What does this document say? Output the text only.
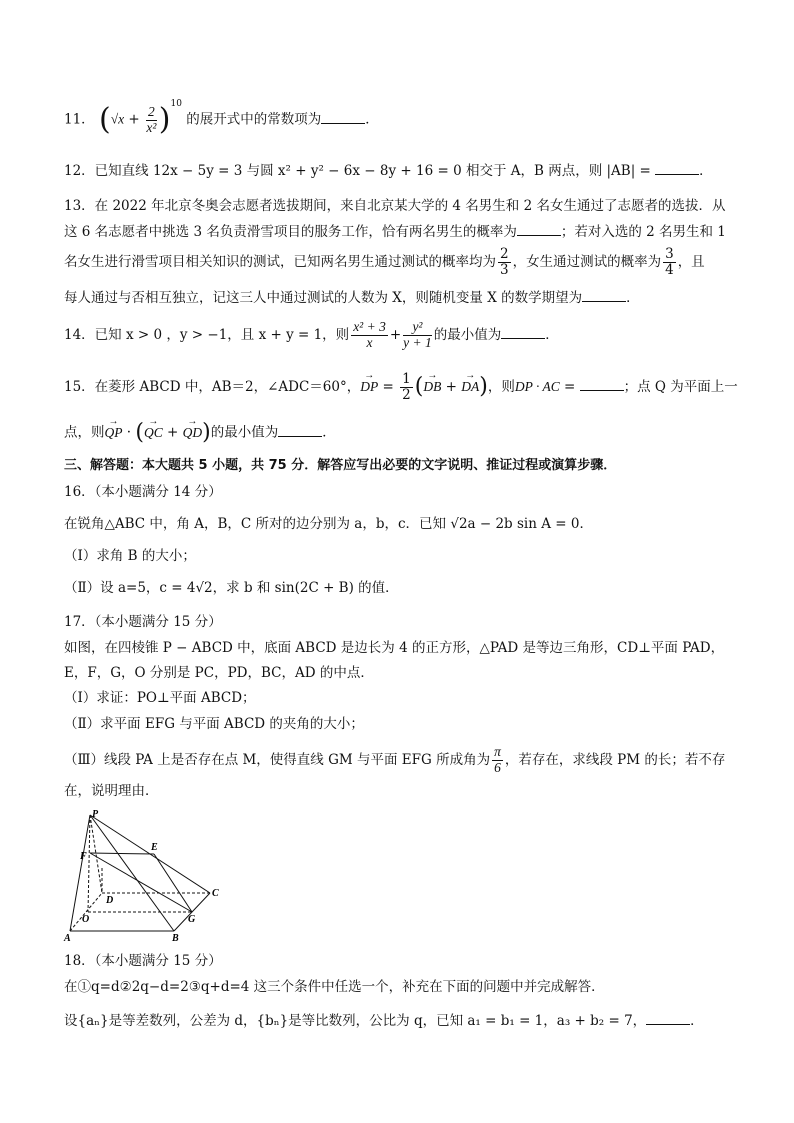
11． $(√x + \frac{2}{\text{x²}} )^{10}$ 的展开式中的常数项为	．
12．已知直线 12x − 5y = 3 与圆 x² + y² − 6x − 8y + 16 = 0 相交于 A，B 两点，则 |AB| =	．
13．在 2022 年北京冬奥会志愿者选拔期间，来自北京某大学的 4 名男生和 2 名女生通过了志愿者的选拔．从
这 6 名志愿者中挑选 3 名负责滑雪项目的服务工作，恰有两名男生的概率为	；若对入选的 2 名男生和 1
名女生进行滑雪项目相关知识的测试，已知两名男生通过测试的概率均为 $\frac{2}{3}$ ，女生通过测试的概率为 $\frac{3}{4}$ ，且
每人通过与否相互独立，记这三人中通过测试的人数为 X，则随机变量 X 的数学期望为	．
14．已知 x > 0 ，y > −1，且 x + y = 1，则 $\frac{\text{x² + 3}}{x} + \frac{\text{y²}}{y + 1}$ 的最小值为	．
15．在菱形 ABCD 中，AB＝2，∠ADC＝60°，→ DP = $\frac{1}{2}$ (→ DB + → DA)，则DP · AC =	；点 Q 为平面上一
点，则→ QP · (→ QC + → QD)的最小值为	．
三、解答题：本大题共 5 小题，共 75 分．解答应写出必要的文字说明、推证过程或演算步骤．
16．（本小题满分 14 分）
在锐角△ABC 中，角 A，B，C 所对的边分别为 a，b，c．已知 √2a − 2b sin A = 0．
（Ⅰ）求角 B 的大小；
（Ⅱ）设 a=5，c = 4√2，求 b 和 sin(2C + B) 的值．
17．（本小题满分 15 分）
如图，在四棱锥 P − ABCD 中，底面 ABCD 是边长为 4 的正方形，△PAD 是等边三角形，CD⊥平面 PAD，
E，F，G，O 分别是 PC，PD，BC，AD 的中点．
（Ⅰ）求证：PO⊥平面 ABCD；
（Ⅱ）求平面 EFG 与平面 ABCD 的夹角的大小；
（Ⅲ）线段 PA 上是否存在点 M，使得直线 GM 与平面 EFG 所成角为 $\frac{\pi}{6}$ ，若存在，求线段 PM 的长；若不存
在，说明理由．
P
E
F
D
C
O	G
A	B
18．（本小题满分 15 分）
在①q=d②2q−d=2③q+d=4 这三个条件中任选一个，补充在下面的问题中并完成解答．
设{aₙ}是等差数列，公差为 d，{bₙ}是等比数列，公比为 q，已知 a₁ = b₁ = 1，a₃ + b₂ = 7，	．
